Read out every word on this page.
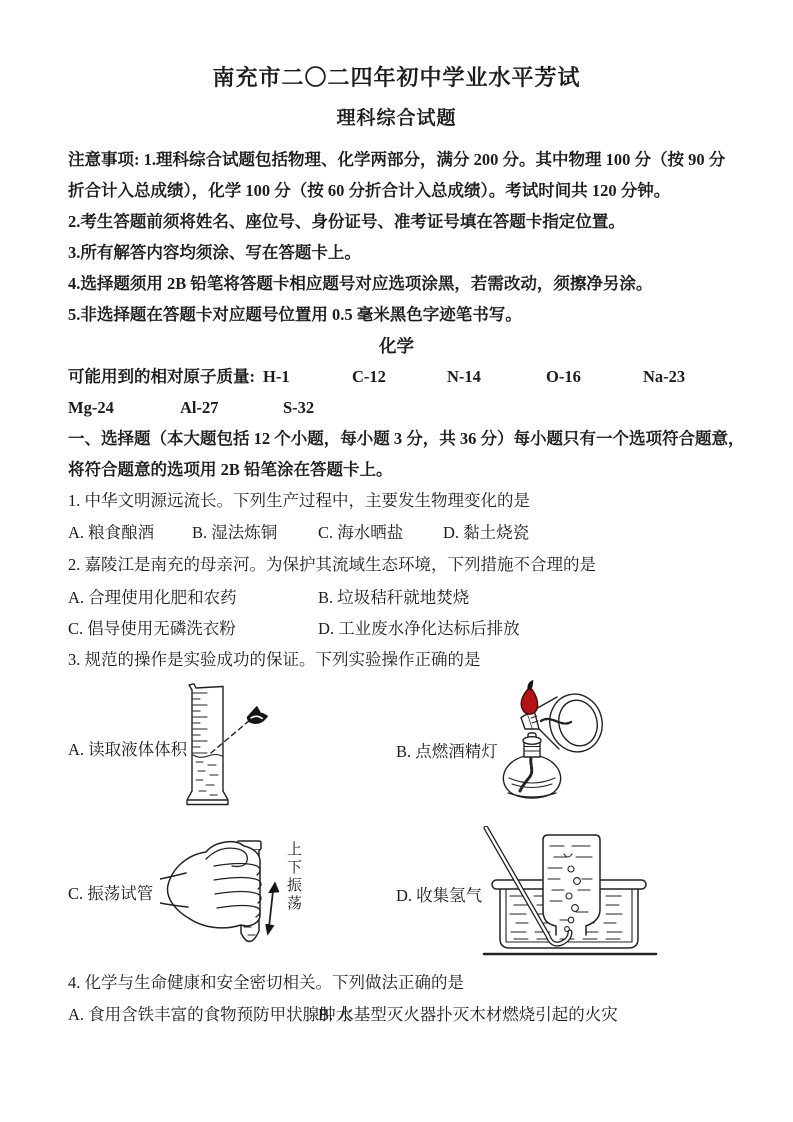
南充市二〇二四年初中学业水平芳试
理科综合试题
注意事项: 1.理科综合试题包括物理、化学两部分，满分 200 分。其中物理 100 分（按 90 分
折合计入总成绩），化学 100 分（按 60 分折合计入总成绩）。考试时间共 120 分钟。
2.考生答题前须将姓名、座位号、身份证号、准考证号填在答题卡指定位置。
3.所有解答内容均须涂、写在答题卡上。
4.选择题须用 2B 铅笔将答题卡相应题号对应选项涂黑，若需改动，须擦净另涂。
5.非选择题在答题卡对应题号位置用 0.5 毫米黑色字迹笔书写。
化学
可能用到的相对原子质量: H-1	C-12	N-14	O-16	Na-23
Mg-24	Al-27	S-32
一、选择题（本大题包括 12 个小题，每小题 3 分，共 36 分）每小题只有一个选项符合题意，
将符合题意的选项用 2B 铅笔涂在答题卡上。
1. 中华文明源远流长。下列生产过程中，主要发生物理变化的是
A. 粮食酿酒 B. 湿法炼铜 C. 海水晒盐 D. 黏土烧瓷
2. 嘉陵江是南充的母亲河。为保护其流域生态环境，下列措施不合理的是
A. 合理使用化肥和农药	B. 垃圾秸秆就地焚烧
C. 倡导使用无磷洗衣粉	D. 工业废水净化达标后排放
3. 规范的操作是实验成功的保证。下列实验操作正确的是
A. 读取液体体积	B. 点燃酒精灯
C. 振荡试管	D. 收集氢气
上下振荡
4. 化学与生命健康和安全密切相关。下列做法正确的是
A. 食用含铁丰富的食物预防甲状腺肿大
B. 水基型灭火器扑灭木材燃烧引起的火灾
